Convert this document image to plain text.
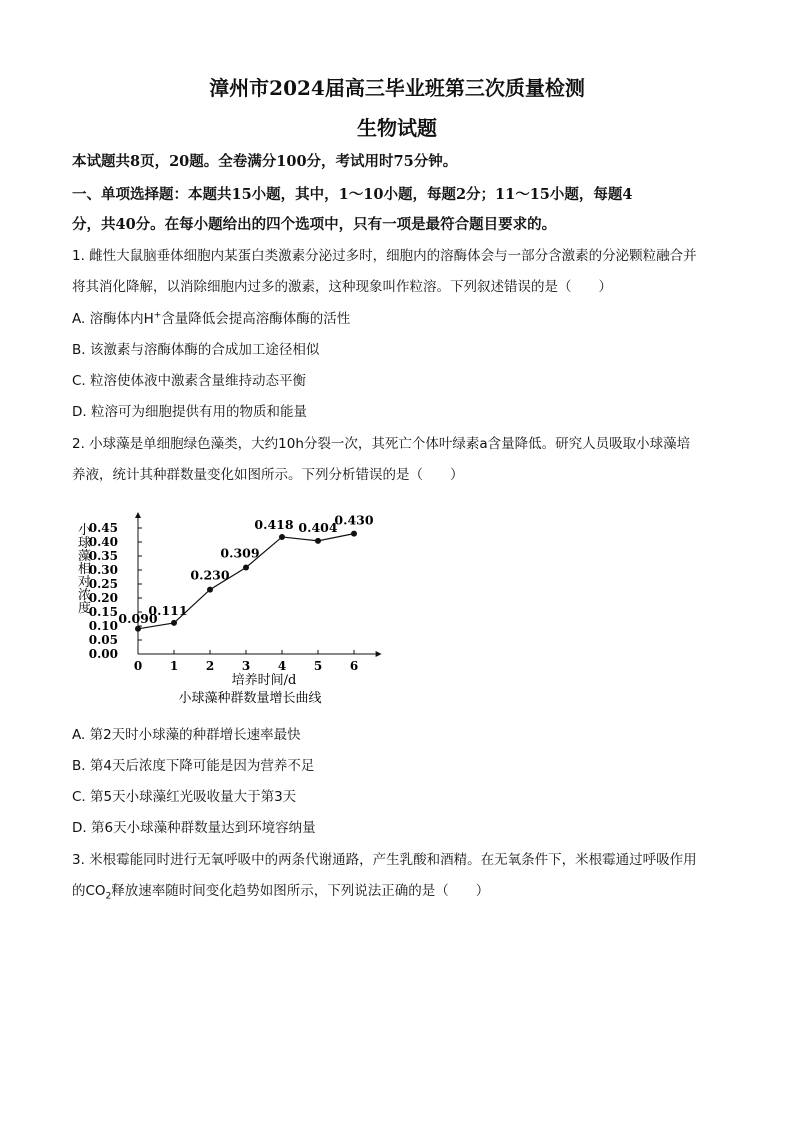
漳州市2024届高三毕业班第三次质量检测
生物试题
本试题共8页，20题。全卷满分100分，考试用时75分钟。
一、单项选择题：本题共15小题，其中，1～10小题，每题2分；11～15小题，每题4
分，共40分。在每小题给出的四个选项中，只有一项是最符合题目要求的。
1. 雌性大鼠脑垂体细胞内某蛋白类激素分泌过多时，细胞内的溶酶体会与一部分含激素的分泌颗粒融合并
将其消化降解，以消除细胞内过多的激素，这种现象叫作粒溶。下列叙述错误的是（　　）
A. 溶酶体内H+含量降低会提高溶酶体酶的活性
B. 该激素与溶酶体酶的合成加工途径相似
C. 粒溶使体液中激素含量维持动态平衡
D. 粒溶可为细胞提供有用的物质和能量
2. 小球藻是单细胞绿色藻类，大约10h分裂一次，其死亡个体叶绿素a含量降低。研究人员吸取小球藻培
养液，统计其种群数量变化如图所示。下列分析错误的是（　　）
0.00
0.05
0.10
0.15
0.20
0.25
0.30
0.35
0.40
0.45
0 1 2 3 4 5 6
0.090
0.111
0.230
0.309
0.418 0.404
0.430
小球藻相对浓度
培养时间/d
小球藻种群数量增长曲线
A. 第2天时小球藻的种群增长速率最快
B. 第4天后浓度下降可能是因为营养不足
C. 第5天小球藻红光吸收量大于第3天
D. 第6天小球藻种群数量达到环境容纳量
3. 米根霉能同时进行无氧呼吸中的两条代谢通路，产生乳酸和酒精。在无氧条件下，米根霉通过呼吸作用
的$CO_2$释放速率随时间变化趋势如图所示，下列说法正确的是（　　）
